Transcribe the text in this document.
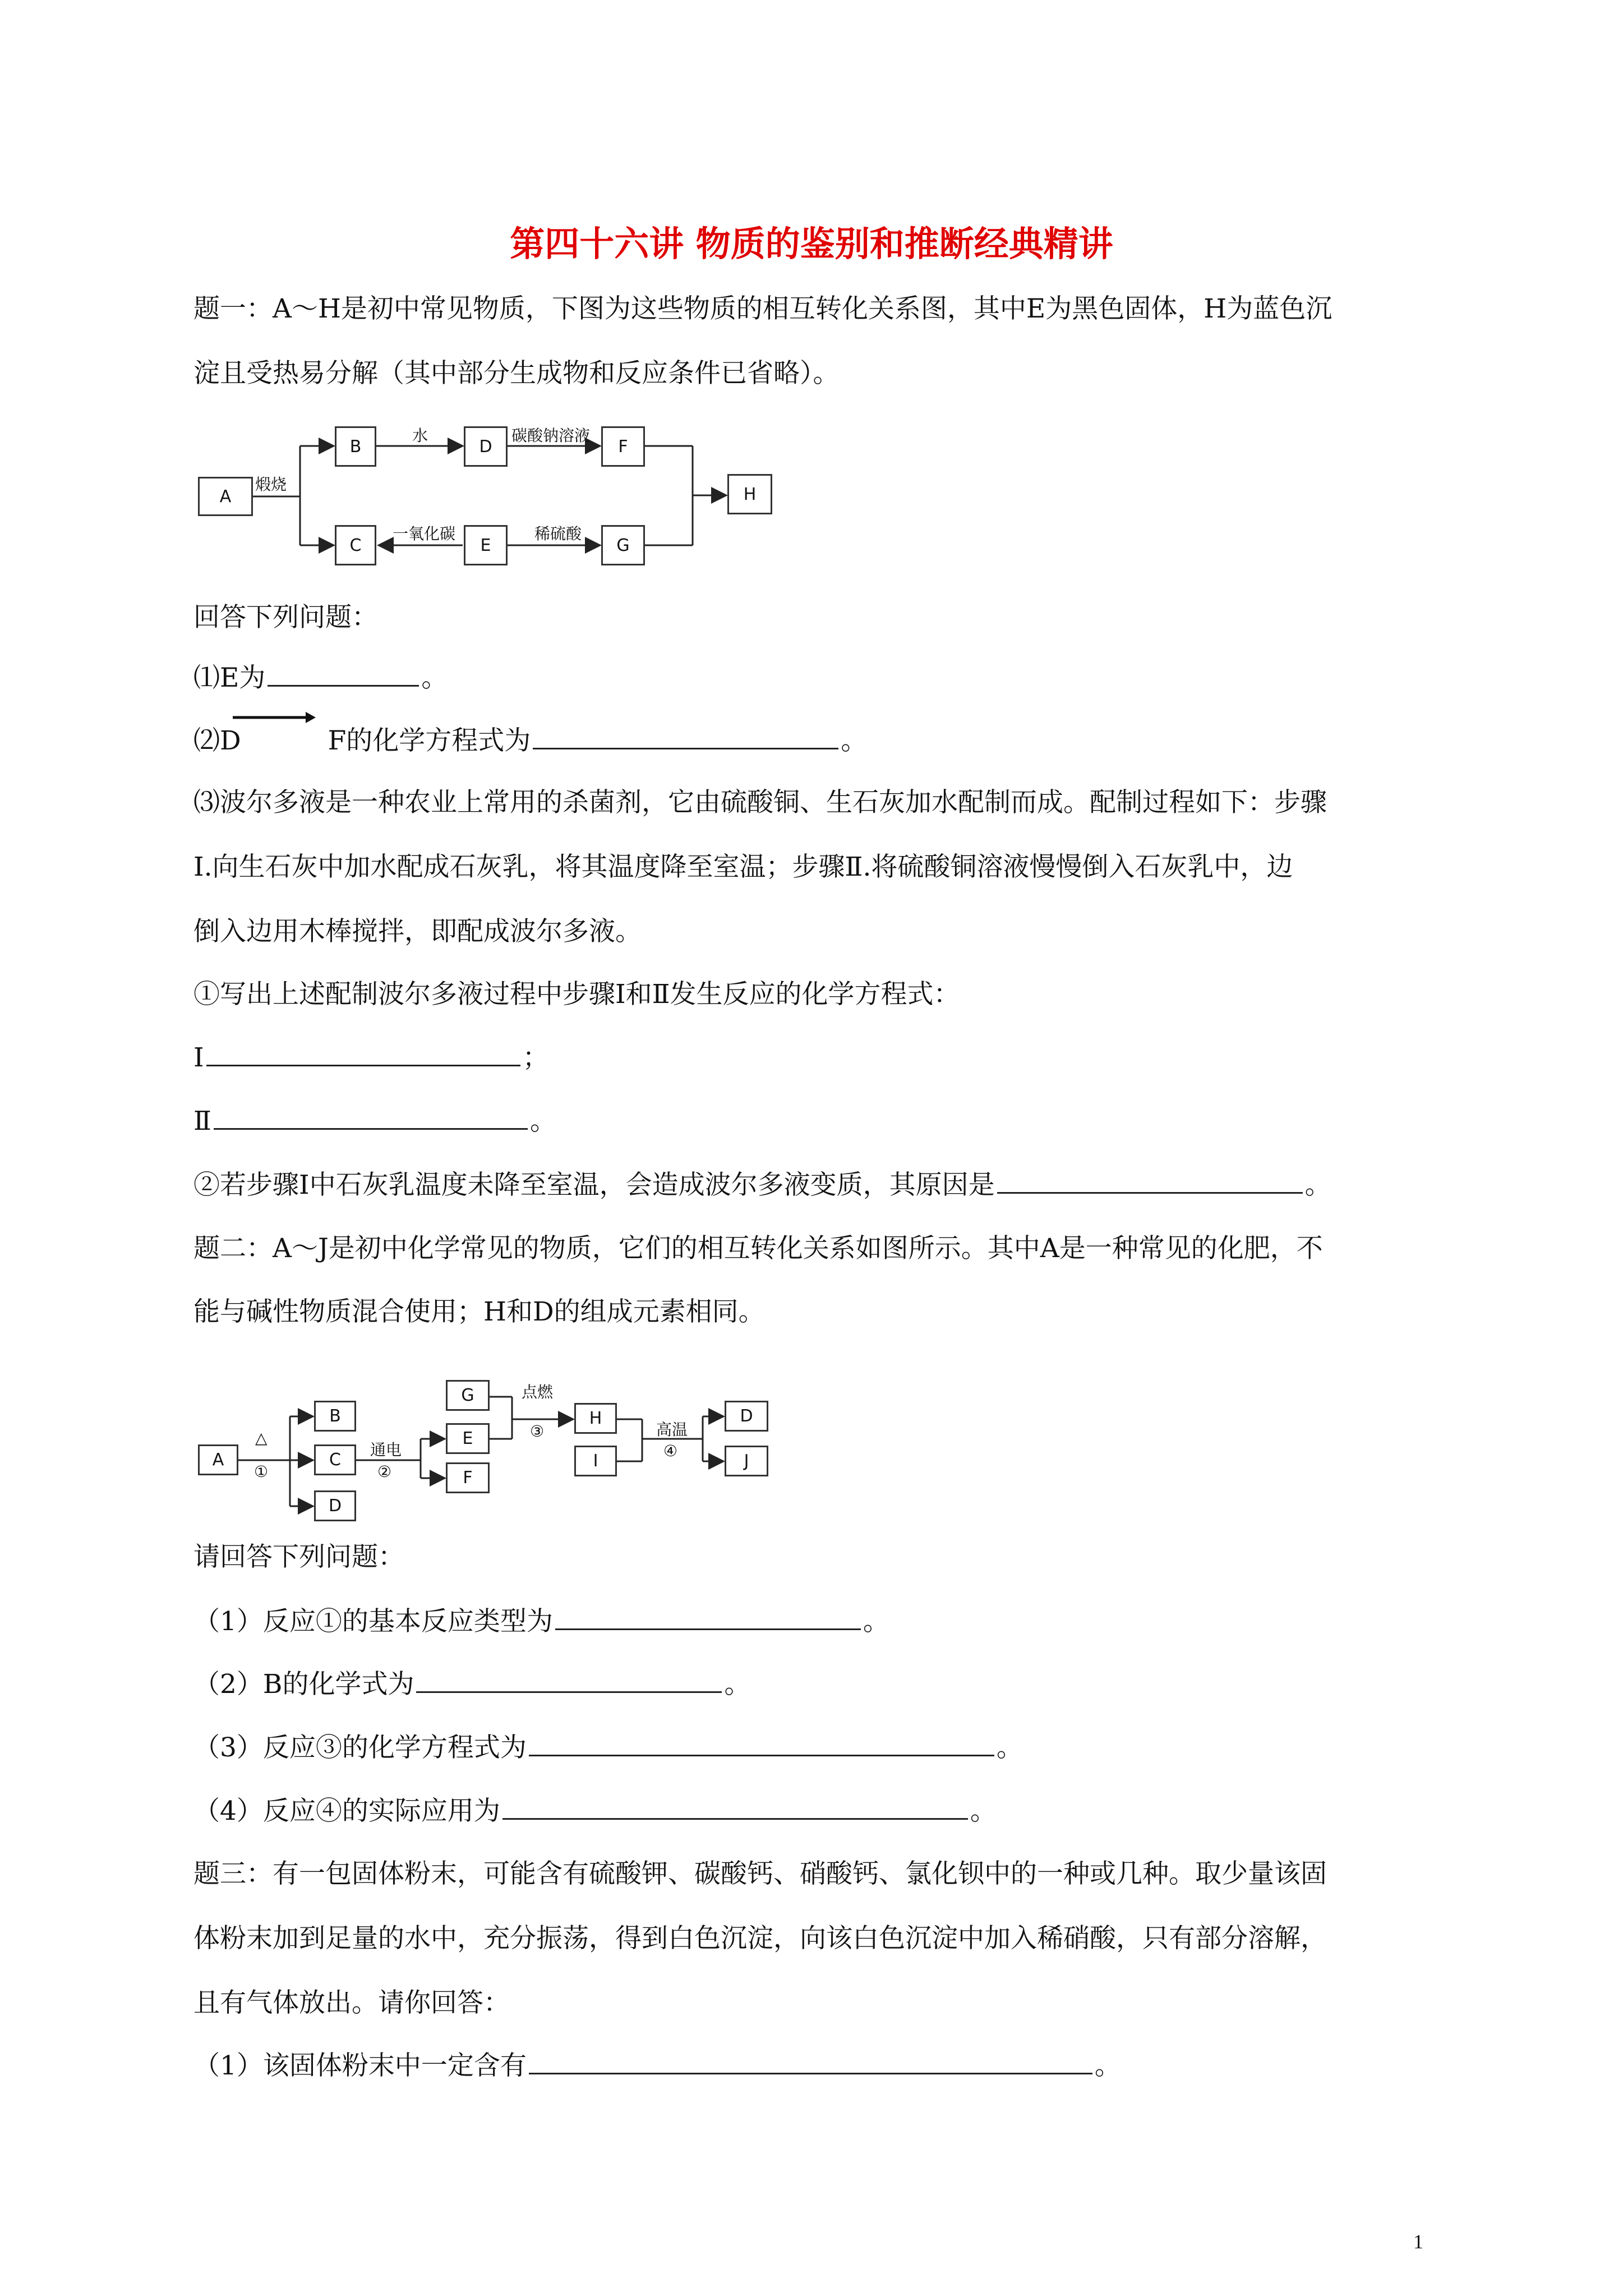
第四十六讲 物质的鉴别和推断经典精讲
题一：A～H是初中常见物质，下图为这些物质的相互转化关系图，其中E为黑色固体，H为蓝色沉
淀且受热易分解（其中部分生成物和反应条件已省略）。
A
B	D	F
C	E	G
H
煅烧
水	碳酸钠溶液
一氧化碳	稀硫酸
回答下列问题：
⑴E为	。
⑵D	F的化学方程式为	。
⑶波尔多液是一种农业上常用的杀菌剂，它由硫酸铜、生石灰加水配制而成。配制过程如下：步骤
Ⅰ.向生石灰中加水配成石灰乳，将其温度降至室温；步骤Ⅱ.将硫酸铜溶液慢慢倒入石灰乳中，边
倒入边用木棒搅拌，即配成波尔多液。
①写出上述配制波尔多液过程中步骤Ⅰ和Ⅱ发生反应的化学方程式：
Ⅰ	；
Ⅱ	。
②若步骤Ⅰ中石灰乳温度未降至室温，会造成波尔多液变质，其原因是	。
题二：A～J是初中化学常见的物质，它们的相互转化关系如图所示。其中A是一种常见的化肥，不
能与碱性物质混合使用；H和D的组成元素相同。
A
B
C
D
G
E
F
H
I
D
J
△
①
通电
②
点燃
③	高温
④
请回答下列问题：
（1）反应①的基本反应类型为	。
（2）B的化学式为	。
（3）反应③的化学方程式为	。
（4）反应④的实际应用为	。
题三：有一包固体粉末，可能含有硫酸钾、碳酸钙、硝酸钙、氯化钡中的一种或几种。取少量该固
体粉末加到足量的水中，充分振荡，得到白色沉淀，向该白色沉淀中加入稀硝酸，只有部分溶解，
且有气体放出。请你回答：
（1）该固体粉末中一定含有	。
1
